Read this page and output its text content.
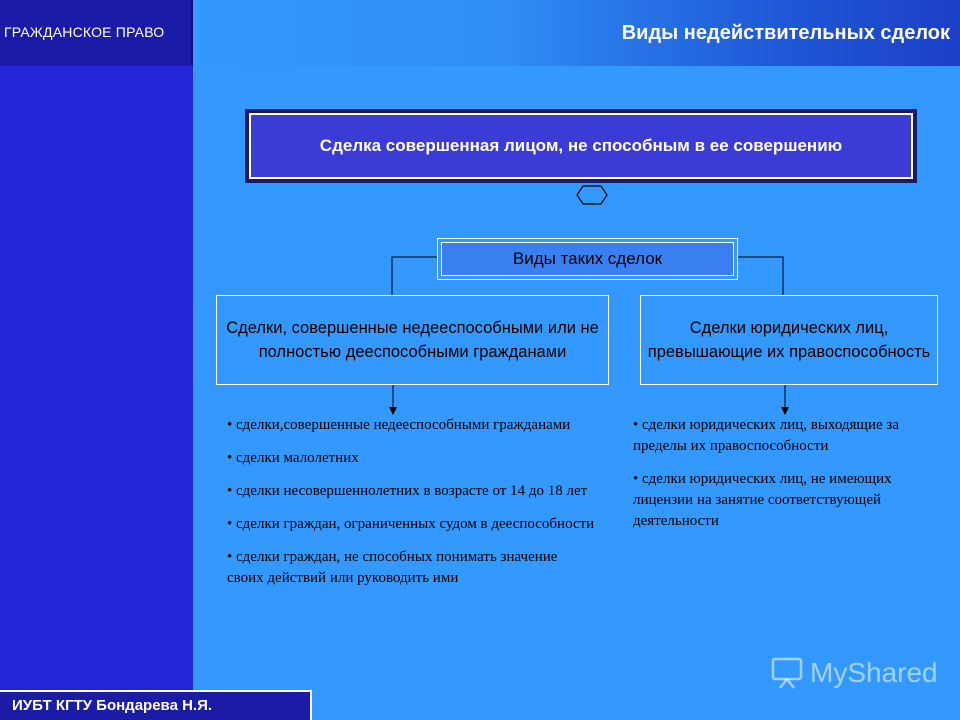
ГРАЖДАНСКОЕ ПРАВО	Виды недействительных сделок
Сделка совершенная лицом, не способным в ее совершению
Виды таких сделок
Сделки, совершенные недееспособными или не полностью дееспособными гражданами
Сделки юридических лиц, превышающие их правоспособность
• сделки,совершенные недееспособными гражданами
• сделки малолетних
• сделки несовершеннолетних в возрасте от 14 до 18 лет
• сделки граждан, ограниченных судом в дееспособности
• сделки граждан, не способных понимать значение своих действий или руководить ими
• сделки юридических лиц, выходящие за пределы их правоспособности
• сделки юридических лиц, не имеющих лицензии на занятие соответствующей деятельности
ИУБТ КГТУ Бондарева Н.Я.
MyShared
